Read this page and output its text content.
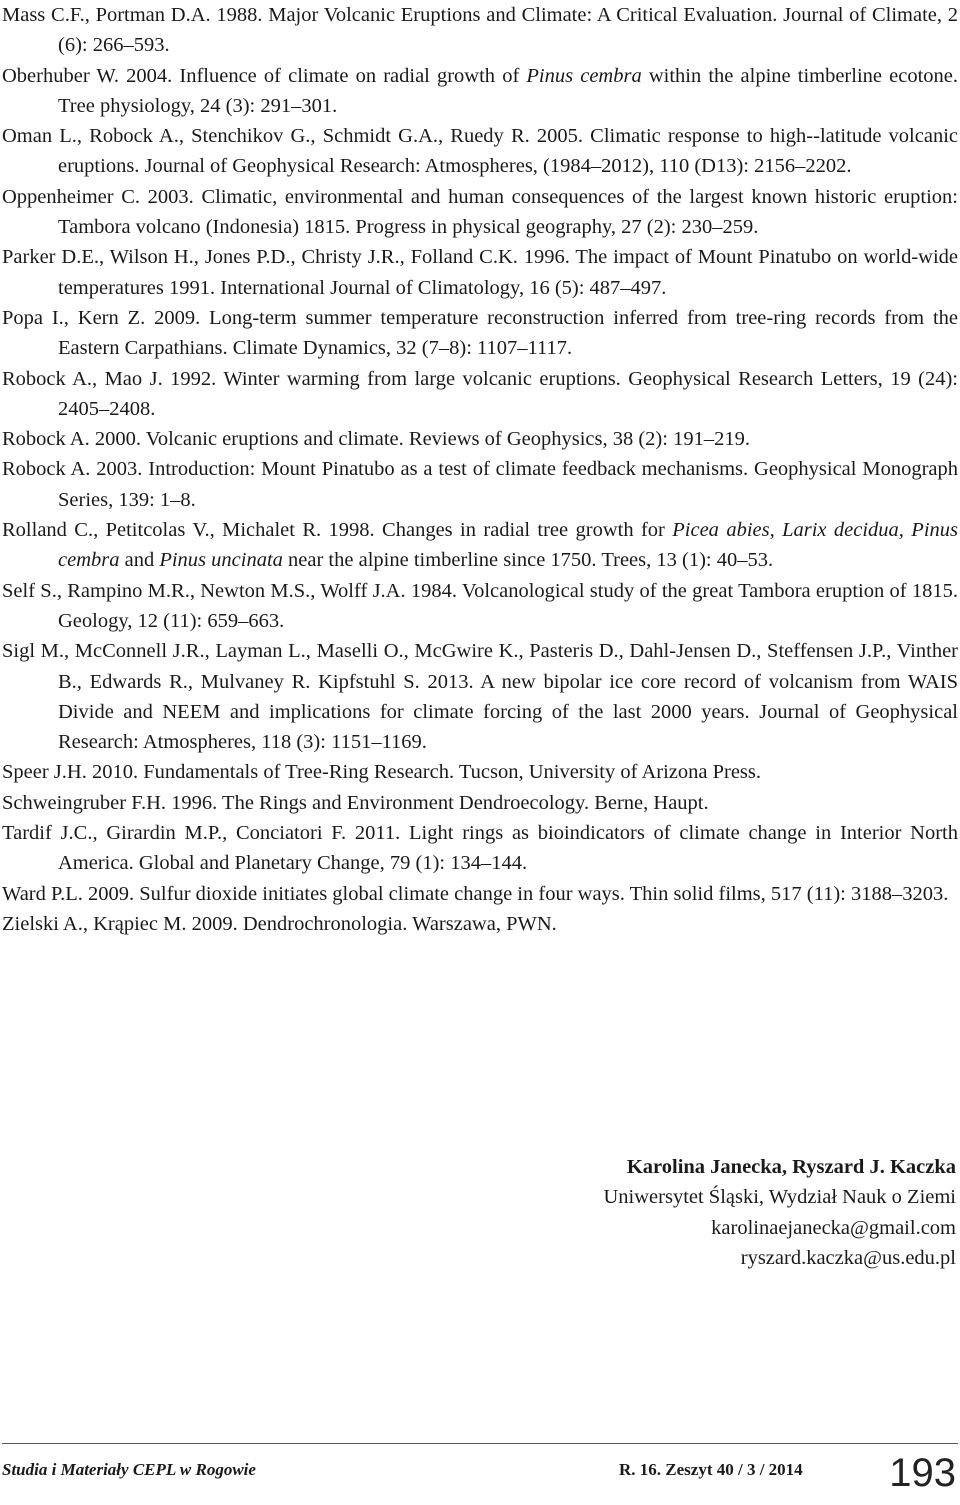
Mass C.F., Portman D.A. 1988. Major Volcanic Eruptions and Climate: A Critical Evaluation. Journal of Climate, 2 (6): 266–593.

Oberhuber W. 2004. Influence of climate on radial growth of Pinus cembra within the alpine timberline ecotone. Tree physiology, 24 (3): 291–301.

Oman L., Robock A., Stenchikov G., Schmidt G.A., Ruedy R. 2005. Climatic response to high--latitude volcanic eruptions. Journal of Geophysical Research: Atmospheres, (1984–2012), 110 (D13): 2156–2202.

Oppenheimer C. 2003. Climatic, environmental and human consequences of the largest known historic eruption: Tambora volcano (Indonesia) 1815. Progress in physical geography, 27 (2): 230–259.

Parker D.E., Wilson H., Jones P.D., Christy J.R., Folland C.K. 1996. The impact of Mount Pinatubo on world-wide temperatures 1991. International Journal of Climatology, 16 (5): 487–497.

Popa I., Kern Z. 2009. Long-term summer temperature reconstruction inferred from tree-ring records from the Eastern Carpathians. Climate Dynamics, 32 (7–8): 1107–1117.

Robock A., Mao J. 1992. Winter warming from large volcanic eruptions. Geophysical Research Letters, 19 (24): 2405–2408.

Robock A. 2000. Volcanic eruptions and climate. Reviews of Geophysics, 38 (2): 191–219.

Robock A. 2003. Introduction: Mount Pinatubo as a test of climate feedback mechanisms. Geophysical Monograph Series, 139: 1–8.

Rolland C., Petitcolas V., Michalet R. 1998. Changes in radial tree growth for Picea abies, Larix decidua, Pinus cembra and Pinus uncinata near the alpine timberline since 1750. Trees, 13 (1): 40–53.

Self S., Rampino M.R., Newton M.S., Wolff J.A. 1984. Volcanological study of the great Tambora eruption of 1815. Geology, 12 (11): 659–663.

Sigl M., McConnell J.R., Layman L., Maselli O., McGwire K., Pasteris D., Dahl-Jensen D., Steffensen J.P., Vinther B., Edwards R., Mulvaney R. Kipfstuhl S. 2013. A new bipolar ice core record of volcanism from WAIS Divide and NEEM and implications for climate forcing of the last 2000 years. Journal of Geophysical Research: Atmospheres, 118 (3): 1151–1169.

Speer J.H. 2010. Fundamentals of Tree-Ring Research. Tucson, University of Arizona Press.

Schweingruber F.H. 1996. The Rings and Environment Dendroecology. Berne, Haupt.

Tardif J.C., Girardin M.P., Conciatori F. 2011. Light rings as bioindicators of climate change in Interior North America. Global and Planetary Change, 79 (1): 134–144.

Ward P.L. 2009. Sulfur dioxide initiates global climate change in four ways. Thin solid films, 517 (11): 3188–3203.

Zielski A., Krąpiec M. 2009. Dendrochronologia. Warszawa, PWN.

Karolina Janecka, Ryszard J. Kaczka
Uniwersytet Śląski, Wydział Nauk o Ziemi
karolinaejanecka@gmail.com
ryszard.kaczka@us.edu.pl
Studia i Materiały CEPL w Rogowie	R. 16. Zeszyt 40 / 3 / 2014 193
